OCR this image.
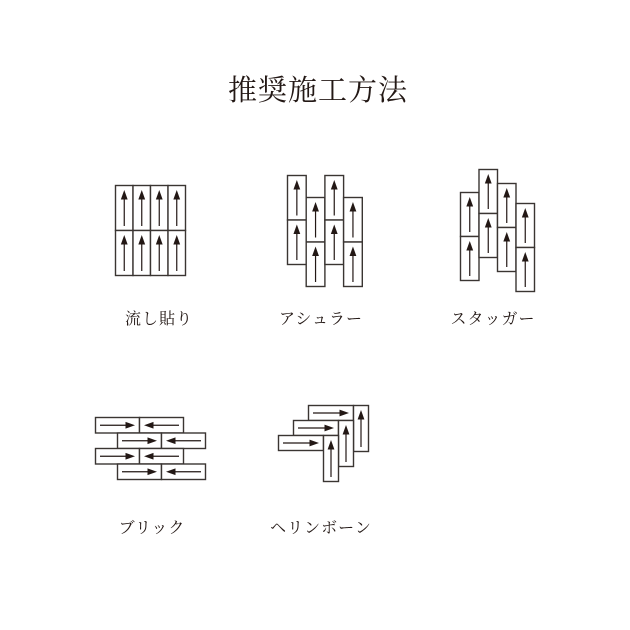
推奨施工方法
流し貼り	アシュラー	スタッガー
ブリック	ヘリンボーン
